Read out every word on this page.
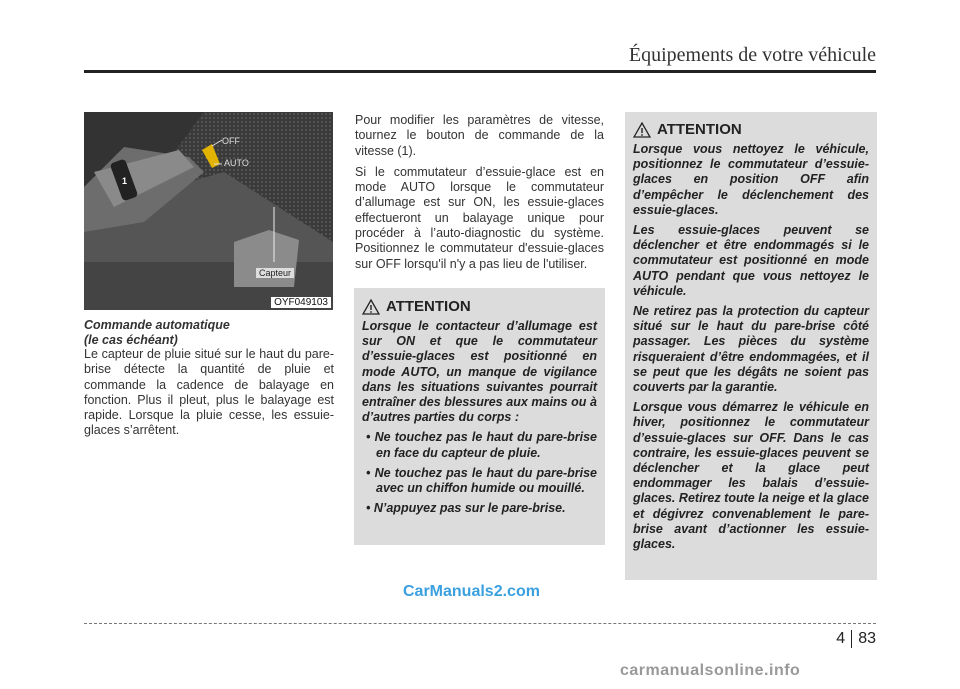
Équipements de votre véhicule
1
OFF
AUTO
Capteur
OYF049103
Commande automatique
(le cas échéant)
Le capteur de pluie situé sur le haut du pare-brise détecte la quantité de pluie et commande la cadence de balayage en fonction. Plus il pleut, plus le balayage est rapide. Lorsque la pluie cesse, les essuie-glaces s’arrêtent.

Pour modifier les paramètres de vitesse, tournez le bouton de commande de la vitesse (1).

Si le commutateur d’essuie-glace est en mode AUTO lorsque le commutateur d’allumage est sur ON, les essuie-glaces effectueront un balayage unique pour procéder à l’auto-diagnostic du système. Positionnez le commutateur d'essuie-glaces sur OFF lorsqu'il n'y a pas lieu de l'utiliser.

ATTENTION

Lorsque le contacteur d’allumage est sur ON et que le commutateur d’essuie-glaces est positionné en mode AUTO, un manque de vigilance dans les situations suivantes pourrait entraîner des blessures aux mains ou à d’autres parties du corps :

• Ne touchez pas le haut du pare-brise en face du capteur de pluie.
• Ne touchez pas le haut du pare-brise avec un chiffon humide ou mouillé.
• N’appuyez pas sur le pare-brise.
ATTENTION

Lorsque vous nettoyez le véhicule, positionnez le commutateur d’essuie-glaces en position OFF afin d’empêcher le déclenchement des essuie-glaces.

Les essuie-glaces peuvent se déclencher et être endommagés si le commutateur est positionné en mode AUTO pendant que vous nettoyez le véhicule.

Ne retirez pas la protection du capteur situé sur le haut du pare-brise côté passager. Les pièces du système risqueraient d’être endommagées, et il se peut que les dégâts ne soient pas couverts par la garantie.

Lorsque vous démarrez le véhicule en hiver, positionnez le commutateur d’essuie-glaces sur OFF. Dans le cas contraire, les essuie-glaces peuvent se déclencher et la glace peut endommager les balais d’essuie-glaces. Retirez toute la neige et la glace et dégivrez convenablement le pare-brise avant d’actionner les essuie-glaces.

CarManuals2.com
4 83
carmanualsonline.info
